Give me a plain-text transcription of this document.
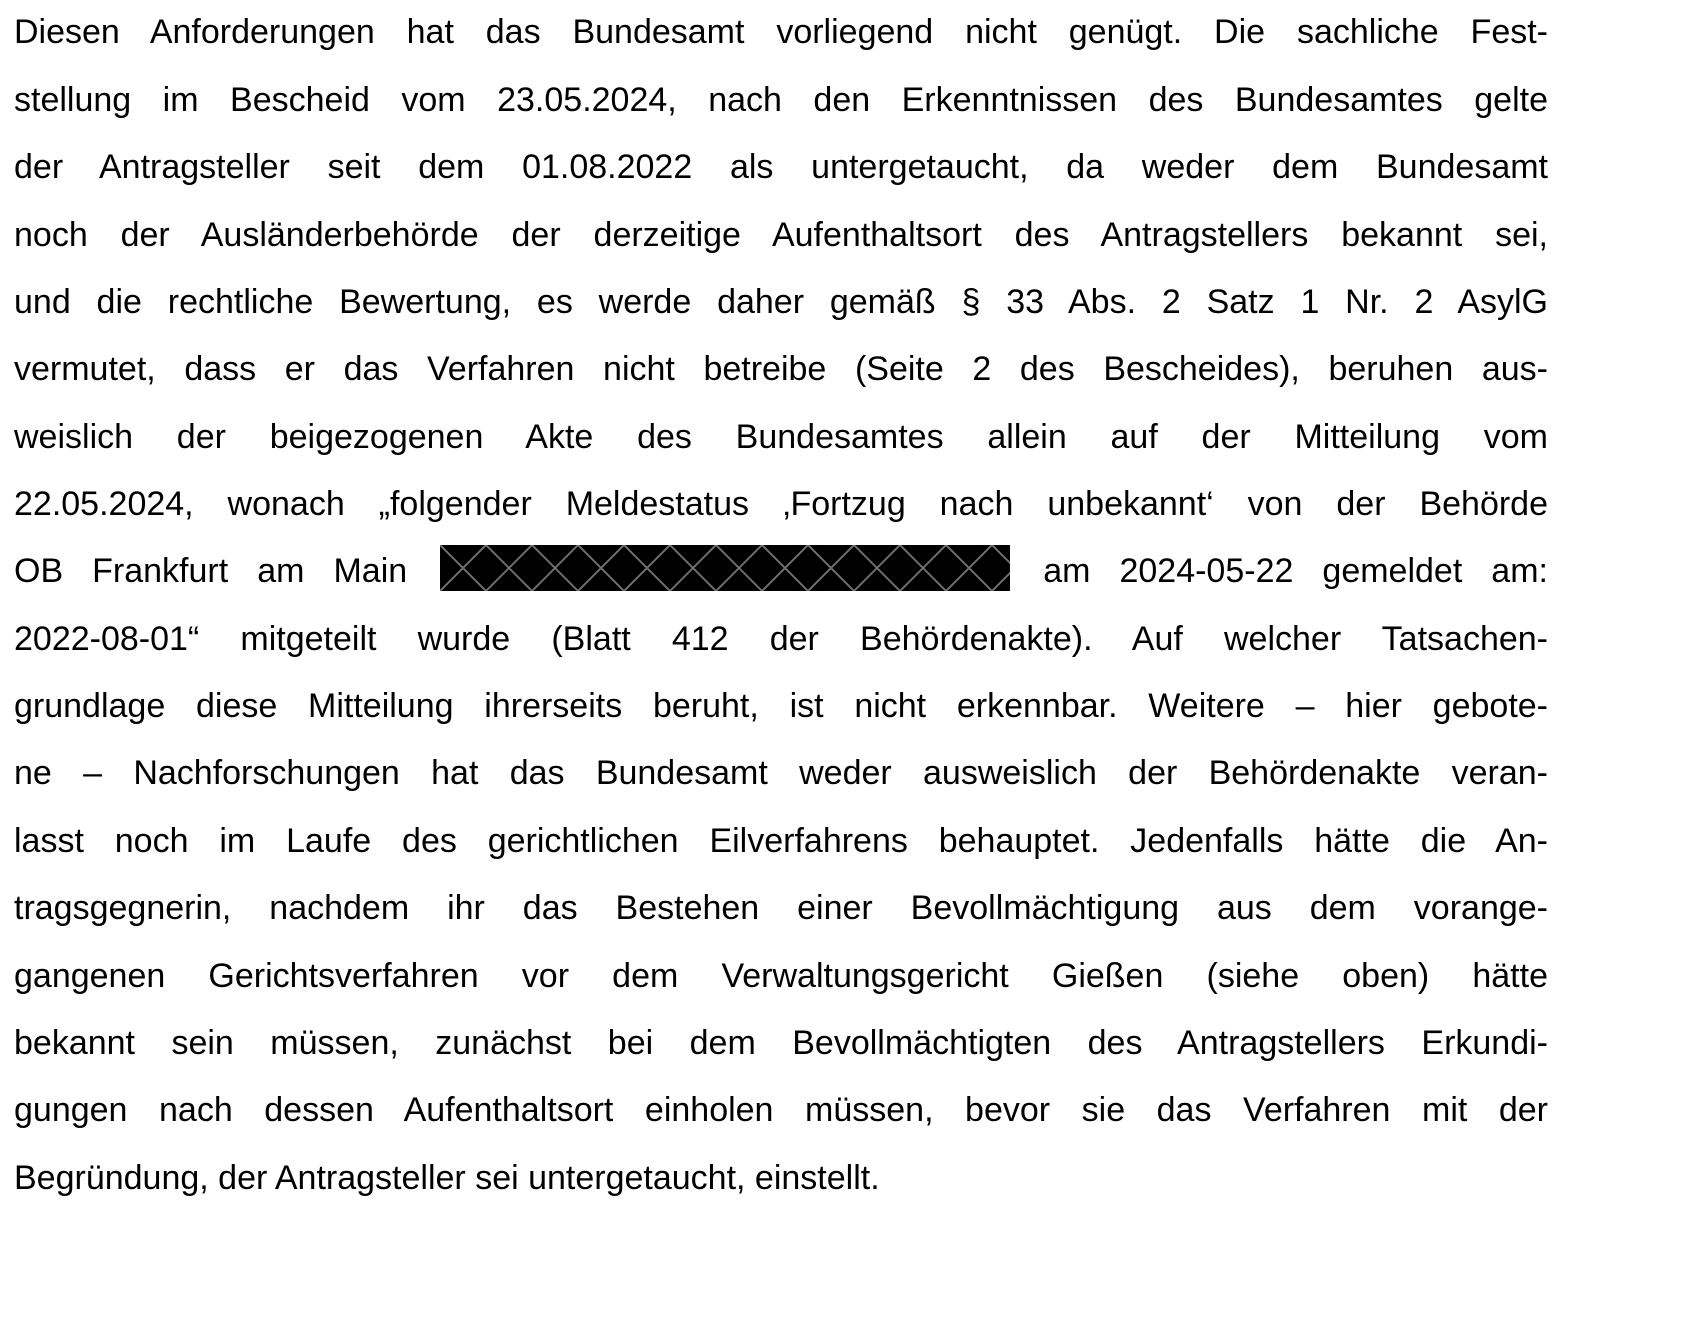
Diesen Anforderungen hat das Bundesamt vorliegend nicht genügt. Die sachliche Fest-
stellung im Bescheid vom 23.05.2024, nach den Erkenntnissen des Bundesamtes gelte
der Antragsteller seit dem 01.08.2022 als untergetaucht, da weder dem Bundesamt
noch der Ausländerbehörde der derzeitige Aufenthaltsort des Antragstellers bekannt sei,
und die rechtliche Bewertung, es werde daher gemäß § 33 Abs. 2 Satz 1 Nr. 2 AsylG
vermutet, dass er das Verfahren nicht betreibe (Seite 2 des Bescheides), beruhen aus-
weislich der beigezogenen Akte des Bundesamtes allein auf der Mitteilung vom
22.05.2024, wonach „folgender Meldestatus ‚Fortzug nach unbekannt‘ von der Behörde
OB Frankfurt am Main	am 2024-05-22 gemeldet am:
2022-08-01“ mitgeteilt wurde (Blatt 412 der Behördenakte). Auf welcher Tatsachen-
grundlage diese Mitteilung ihrerseits beruht, ist nicht erkennbar. Weitere – hier gebote-
ne – Nachforschungen hat das Bundesamt weder ausweislich der Behördenakte veran-
lasst noch im Laufe des gerichtlichen Eilverfahrens behauptet. Jedenfalls hätte die An-
tragsgegnerin, nachdem ihr das Bestehen einer Bevollmächtigung aus dem vorange-
gangenen Gerichtsverfahren vor dem Verwaltungsgericht Gießen (siehe oben) hätte
bekannt sein müssen, zunächst bei dem Bevollmächtigten des Antragstellers Erkundi-
gungen nach dessen Aufenthaltsort einholen müssen, bevor sie das Verfahren mit der
Begründung, der Antragsteller sei untergetaucht, einstellt.
